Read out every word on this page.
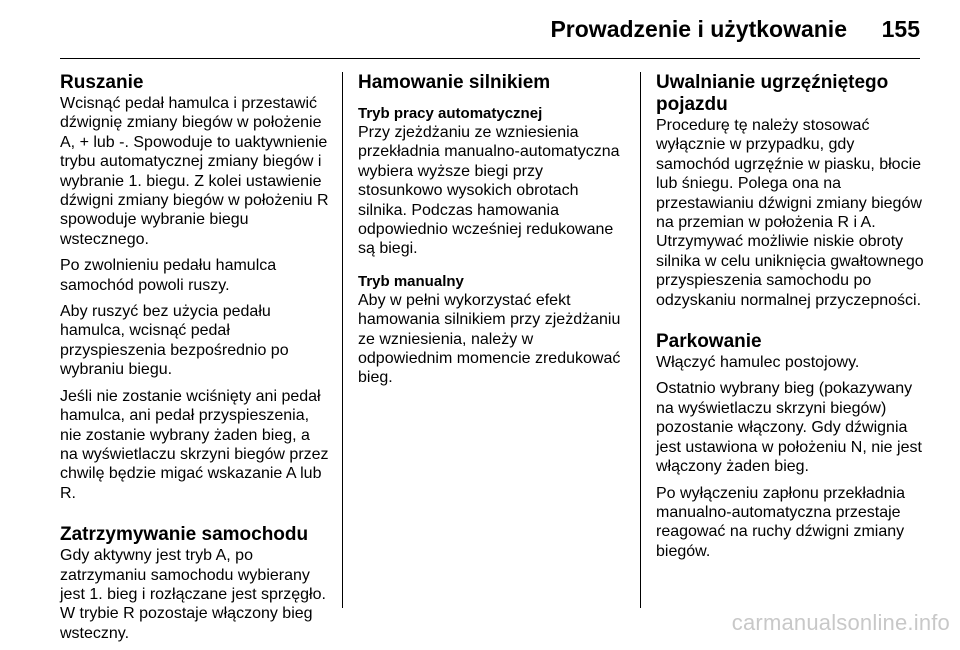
Prowadzenie i użytkowanie 155
Ruszanie

Wcisnąć pedał hamulca i przestawić dźwignię zmiany biegów w położenie A, + lub -. Spowoduje to uaktywnienie trybu automatycznej zmiany biegów i wybranie 1. biegu. Z kolei ustawienie dźwigni zmiany biegów w położeniu R spowoduje wybranie biegu wstecznego.

Po zwolnieniu pedału hamulca samochód powoli ruszy.

Aby ruszyć bez użycia pedału hamulca, wcisnąć pedał przyspieszenia bezpośrednio po wybraniu biegu.

Jeśli nie zostanie wciśnięty ani pedał hamulca, ani pedał przyspieszenia, nie zostanie wybrany żaden bieg, a na wyświetlaczu skrzyni biegów przez chwilę będzie migać wskazanie A lub R.

Zatrzymywanie samochodu

Gdy aktywny jest tryb A, po zatrzymaniu samochodu wybierany jest 1. bieg i rozłączane jest sprzęgło. W trybie R pozostaje włączony bieg wsteczny.

Hamowanie silnikiem
Tryb pracy automatycznej

Przy zjeżdżaniu ze wzniesienia przekładnia manualno-automatyczna wybiera wyższe biegi przy stosunkowo wysokich obrotach silnika. Podczas hamowania odpowiednio wcześniej redukowane są biegi.

Tryb manualny

Aby w pełni wykorzystać efekt hamowania silnikiem przy zjeżdżaniu ze wzniesienia, należy w odpowiednim momencie zredukować bieg.

Uwalnianie ugrzęźniętego pojazdu

Procedurę tę należy stosować wyłącznie w przypadku, gdy samochód ugrzęźnie w piasku, błocie lub śniegu. Polega ona na przestawianiu dźwigni zmiany biegów na przemian w położenia R i A. Utrzymywać możliwie niskie obroty silnika w celu uniknięcia gwałtownego przyspieszenia samochodu po odzyskaniu normalnej przyczepności.

Parkowanie

Włączyć hamulec postojowy.

Ostatnio wybrany bieg (pokazywany na wyświetlaczu skrzyni biegów) pozostanie włączony. Gdy dźwignia jest ustawiona w położeniu N, nie jest włączony żaden bieg.

Po wyłączeniu zapłonu przekładnia manualno-automatyczna przestaje reagować na ruchy dźwigni zmiany biegów.

carmanualsonline.info
